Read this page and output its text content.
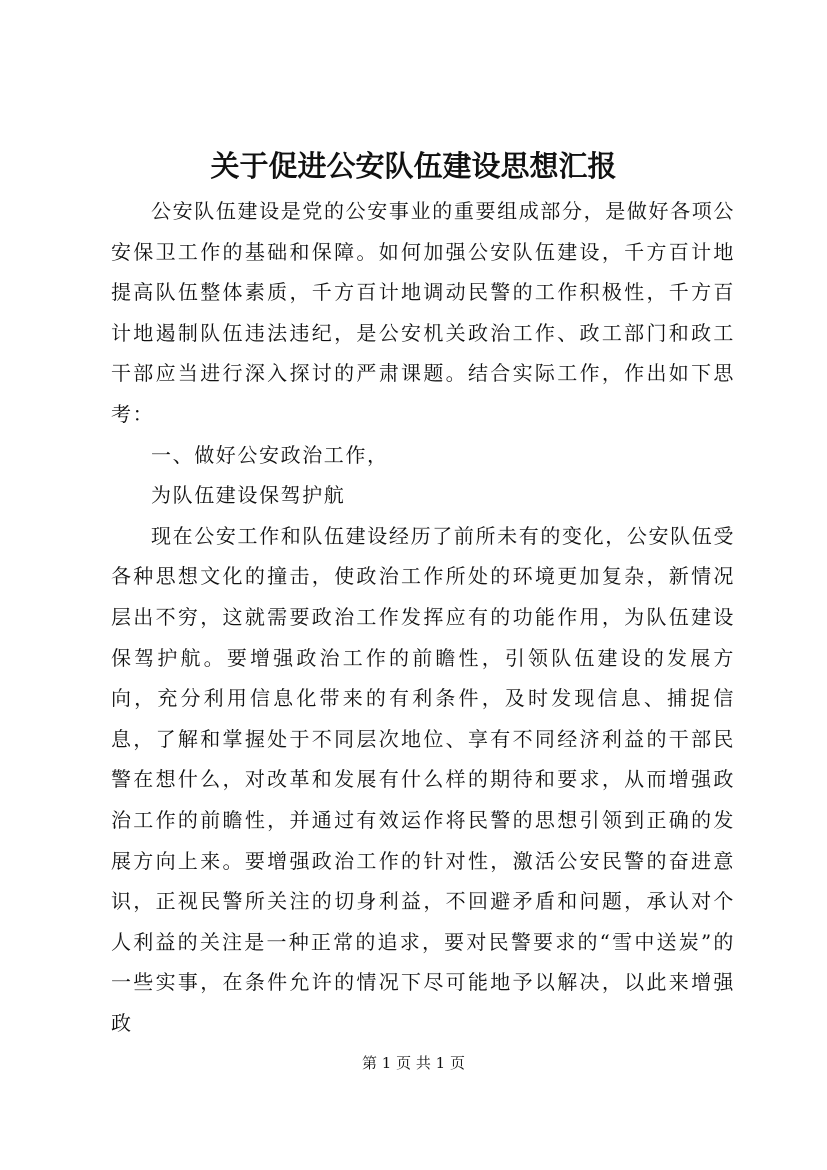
关于促进公安队伍建设思想汇报

公安队伍建设是党的公安事业的重要组成部分，是做好各项公安保卫工作的基础和保障。如何加强公安队伍建设，千方百计地提高队伍整体素质，千方百计地调动民警的工作积极性，千方百计地遏制队伍违法违纪，是公安机关政治工作、政工部门和政工干部应当进行深入探讨的严肃课题。结合实际工作，作出如下思考：

一、做好公安政治工作，

为队伍建设保驾护航

现在公安工作和队伍建设经历了前所未有的变化，公安队伍受各种思想文化的撞击，使政治工作所处的环境更加复杂，新情况层出不穷，这就需要政治工作发挥应有的功能作用，为队伍建设保驾护航。要增强政治工作的前瞻性，引领队伍建设的发展方向，充分利用信息化带来的有利条件，及时发现信息、捕捉信息，了解和掌握处于不同层次地位、享有不同经济利益的干部民警在想什么，对改革和发展有什么样的期待和要求，从而增强政治工作的前瞻性，并通过有效运作将民警的思想引领到正确的发展方向上来。要增强政治工作的针对性，激活公安民警的奋进意识，正视民警所关注的切身利益，不回避矛盾和问题，承认对个人利益的关注是一种正常的追求，要对民警要求的“雪中送炭”的一些实事，在条件允许的情况下尽可能地予以解决，以此来增强政

第 1 页 共 1 页
